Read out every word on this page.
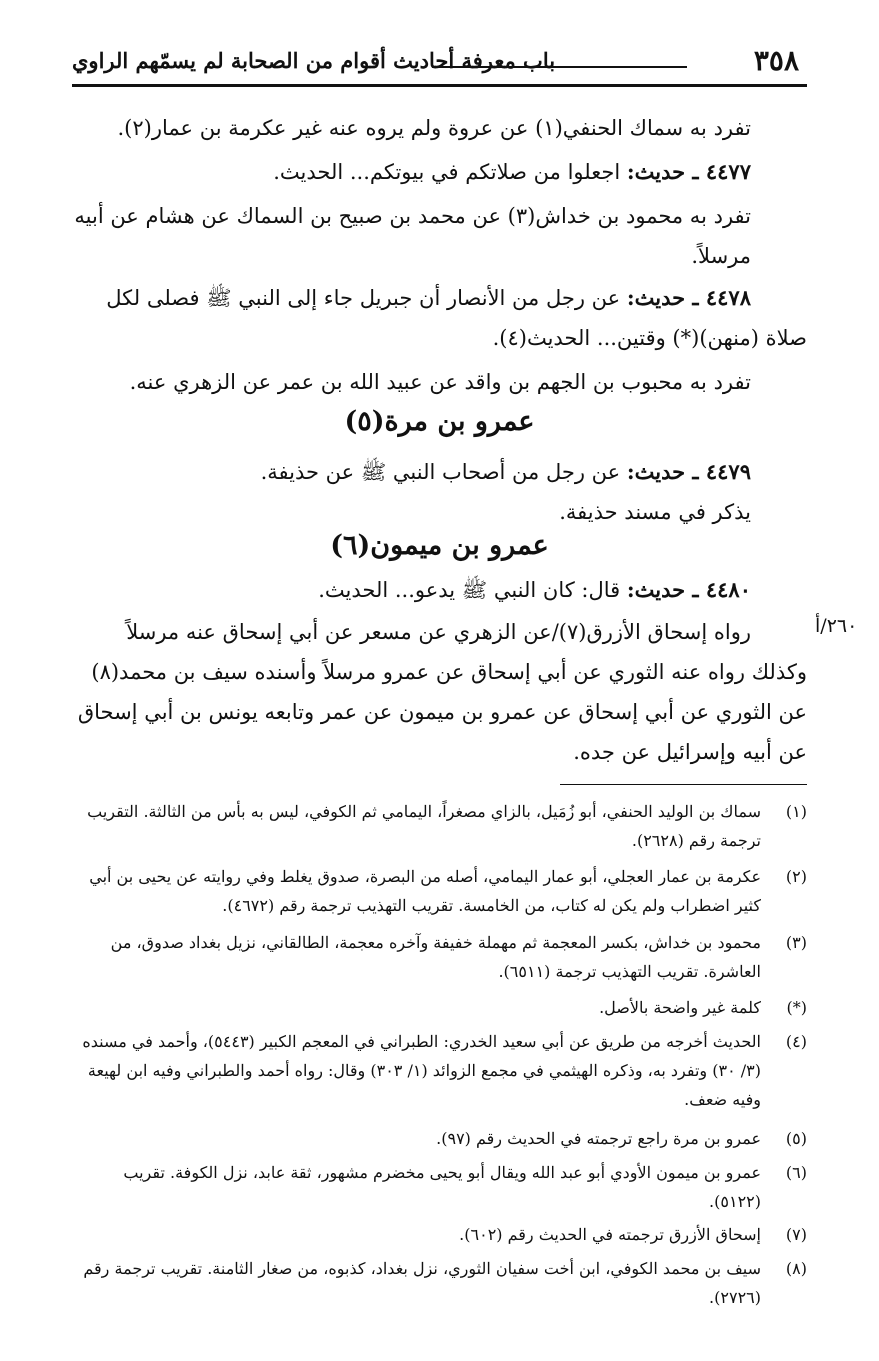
٣٥٨
باب معرفة أحاديث أقوام من الصحابة لم يسمّهم الراوي
٢٦٠/أ
تفرد به سماك الحنفي(١) عن عروة ولم يروه عنه غير عكرمة بن عمار(٢).
٤٤٧٧ ـ حديث: اجعلوا من صلاتكم في بيوتكم... الحديث.
تفرد به محمود بن خداش(٣) عن محمد بن صبيح بن السماك عن هشام عن أبيه مرسلاً.
٤٤٧٨ ـ حديث: عن رجل من الأنصار أن جبريل جاء إلى النبي ﷺ فصلى لكل صلاة (منهن)(*) وقتين... الحديث(٤).
تفرد به محبوب بن الجهم بن واقد عن عبيد الله بن عمر عن الزهري عنه.
عمرو بن مرة(٥)
٤٤٧٩ ـ حديث: عن رجل من أصحاب النبي ﷺ عن حذيفة.
يذكر في مسند حذيفة.
عمرو بن ميمون(٦)
٤٤٨٠ ـ حديث: قال: كان النبي ﷺ يدعو... الحديث.
رواه إسحاق الأزرق(٧)/عن الزهري عن مسعر عن أبي إسحاق عنه مرسلاً وكذلك رواه عنه الثوري عن أبي إسحاق عن عمرو مرسلاً وأسنده سيف بن محمد(٨) عن الثوري عن أبي إسحاق عن عمرو بن ميمون عن عمر وتابعه يونس بن أبي إسحاق عن أبيه وإسرائيل عن جده.
(١)
سماك بن الوليد الحنفي، أبو زُمَيل، بالزاي مصغراً، اليمامي ثم الكوفي، ليس به بأس من الثالثة. التقريب ترجمة رقم (٢٦٢٨).
(٢)
عكرمة بن عمار العجلي، أبو عمار اليمامي، أصله من البصرة، صدوق يغلط وفي روايته عن يحيى بن أبي كثير اضطراب ولم يكن له كتاب، من الخامسة. تقريب التهذيب ترجمة رقم (٤٦٧٢).
(٣)
محمود بن خداش، بكسر المعجمة ثم مهملة خفيفة وآخره معجمة، الطالقاني، نزيل بغداد صدوق، من العاشرة. تقريب التهذيب ترجمة (٦٥١١).
(*)
كلمة غير واضحة بالأصل.
(٤)
الحديث أخرجه من طريق عن أبي سعيد الخدري: الطبراني في المعجم الكبير (٥٤٤٣)، وأحمد في مسنده (٣/ ٣٠) وتفرد به، وذكره الهيثمي في مجمع الزوائد (١/ ٣٠٣) وقال: رواه أحمد والطبراني وفيه ابن لهيعة وفيه ضعف.
(٥)
عمرو بن مرة راجع ترجمته في الحديث رقم (٩٧).
(٦)
عمرو بن ميمون الأودي أبو عبد الله ويقال أبو يحيى مخضرم مشهور، ثقة عابد، نزل الكوفة. تقريب (٥١٢٢).
(٧)
إسحاق الأزرق ترجمته في الحديث رقم (٦٠٢).
(٨)
سيف بن محمد الكوفي، ابن أخت سفيان الثوري، نزل بغداد، كذبوه، من صغار الثامنة. تقريب ترجمة رقم (٢٧٢٦).
